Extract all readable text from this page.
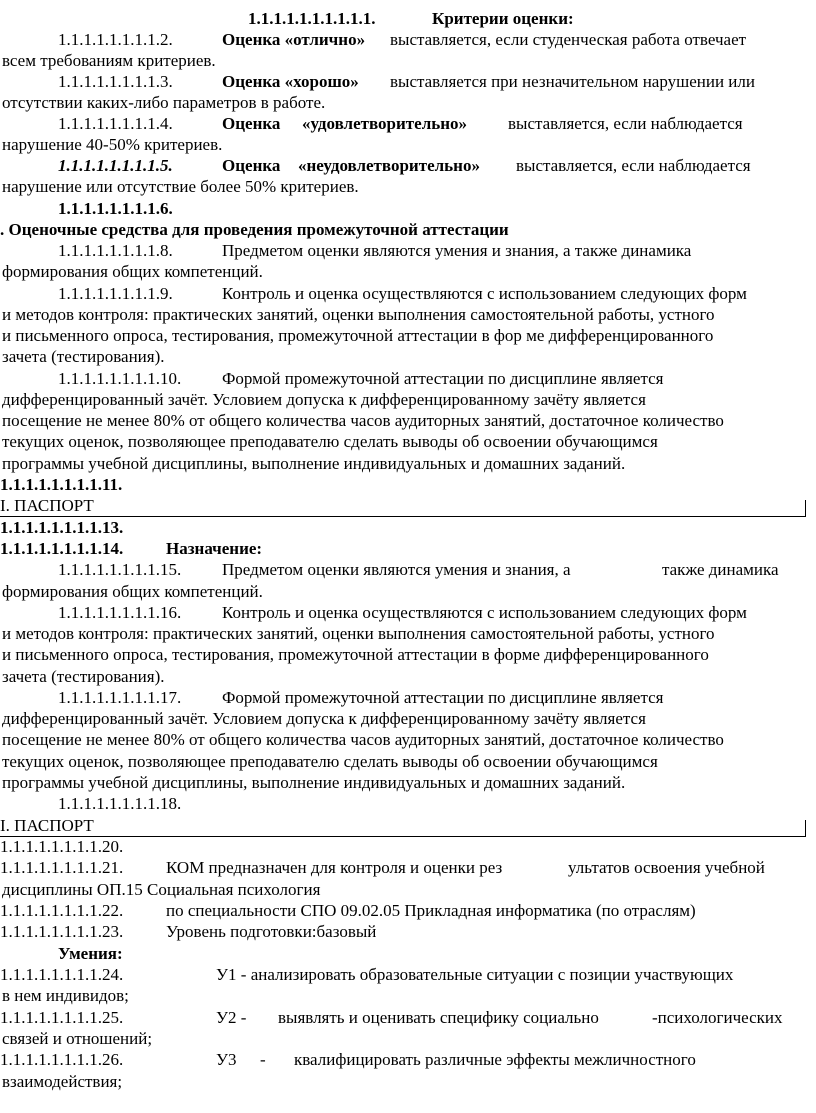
1.1.1.1.1.1.1.1.1.1.	Критерии оценки:
1.1.1.1.1.1.1.1.2.	Оценка «отлично» выставляется, если студенческая работа отвечает
всем требованиям критериев.
1.1.1.1.1.1.1.1.3.	Оценка «хорошо» выставляется при незначительном нарушении или
отсутствии каких-либо параметров в работе.
1.1.1.1.1.1.1.1.4.	Оценка «удовлетворительно» выставляется, если наблюдается
нарушение 40-50% критериев.
1.1.1.1.1.1.1.1.5.	Оценка «неудовлетворительно» выставляется, если наблюдается
нарушение или отсутствие более 50% критериев.
1.1.1.1.1.1.1.1.6.
. Оценочные средства для проведения промежуточной аттестации
1.1.1.1.1.1.1.1.8.	Предметом оценки являются умения и знания, а также динамика
формирования общих компетенций.
1.1.1.1.1.1.1.1.9.	Контроль и оценка осуществляются с использованием следующих форм
и методов контроля: практических занятий, оценки выполнения самостоятельной работы, устного
и письменного опроса, тестирования, промежуточной аттестации в фор ме дифференцированного
зачета (тестирования).
1.1.1.1.1.1.1.1.10. Формой промежуточной аттестации по дисциплине является
дифференцированный зачёт. Условием допуска к дифференцированному зачёту является
посещение не менее 80% от общего количества часов аудиторных занятий, достаточное количество
текущих оценок, позволяющее преподавателю сделать выводы об освоении обучающимся
программы учебной дисциплины, выполнение индивидуальных и домашних заданий.
1.1.1.1.1.1.1.1.11.
I. ПАСПОРТ
1.1.1.1.1.1.1.1.13.
1.1.1.1.1.1.1.1.14.	Назначение:
1.1.1.1.1.1.1.1.15. Предметом оценки являются умения и знания, а	также динамика
формирования общих компетенций.
1.1.1.1.1.1.1.1.16. Контроль и оценка осуществляются с использованием следующих форм
и методов контроля: практических занятий, оценки выполнения самостоятельной работы, устного
и письменного опроса, тестирования, промежуточной аттестации в форме дифференцированного
зачета (тестирования).
1.1.1.1.1.1.1.1.17. Формой промежуточной аттестации по дисциплине является
дифференцированный зачёт. Условием допуска к дифференцированному зачёту является
посещение не менее 80% от общего количества часов аудиторных занятий, достаточное количество
текущих оценок, позволяющее преподавателю сделать выводы об освоении обучающимся
программы учебной дисциплины, выполнение индивидуальных и домашних заданий.
1.1.1.1.1.1.1.1.18.
I. ПАСПОРТ
1.1.1.1.1.1.1.1.20.
1.1.1.1.1.1.1.1.21.	КОМ предназначен для контроля и оценки рез	ультатов освоения учебной
дисциплины ОП.15 Социальная психология
1.1.1.1.1.1.1.1.22.	по специальности СПО 09.02.05 Прикладная информатика (по отраслям)
1.1.1.1.1.1.1.1.23.	Уровень подготовки:базовый
Умения:
1.1.1.1.1.1.1.1.24.	У1 - анализировать образовательные ситуации с позиции участвующих
в нем индивидов;
1.1.1.1.1.1.1.1.25.	У2 - выявлять и оценивать специфику социально	-психологических
связей и отношений;
1.1.1.1.1.1.1.1.26.	У3 - квалифицировать различные эффекты межличностного
взаимодействия;
